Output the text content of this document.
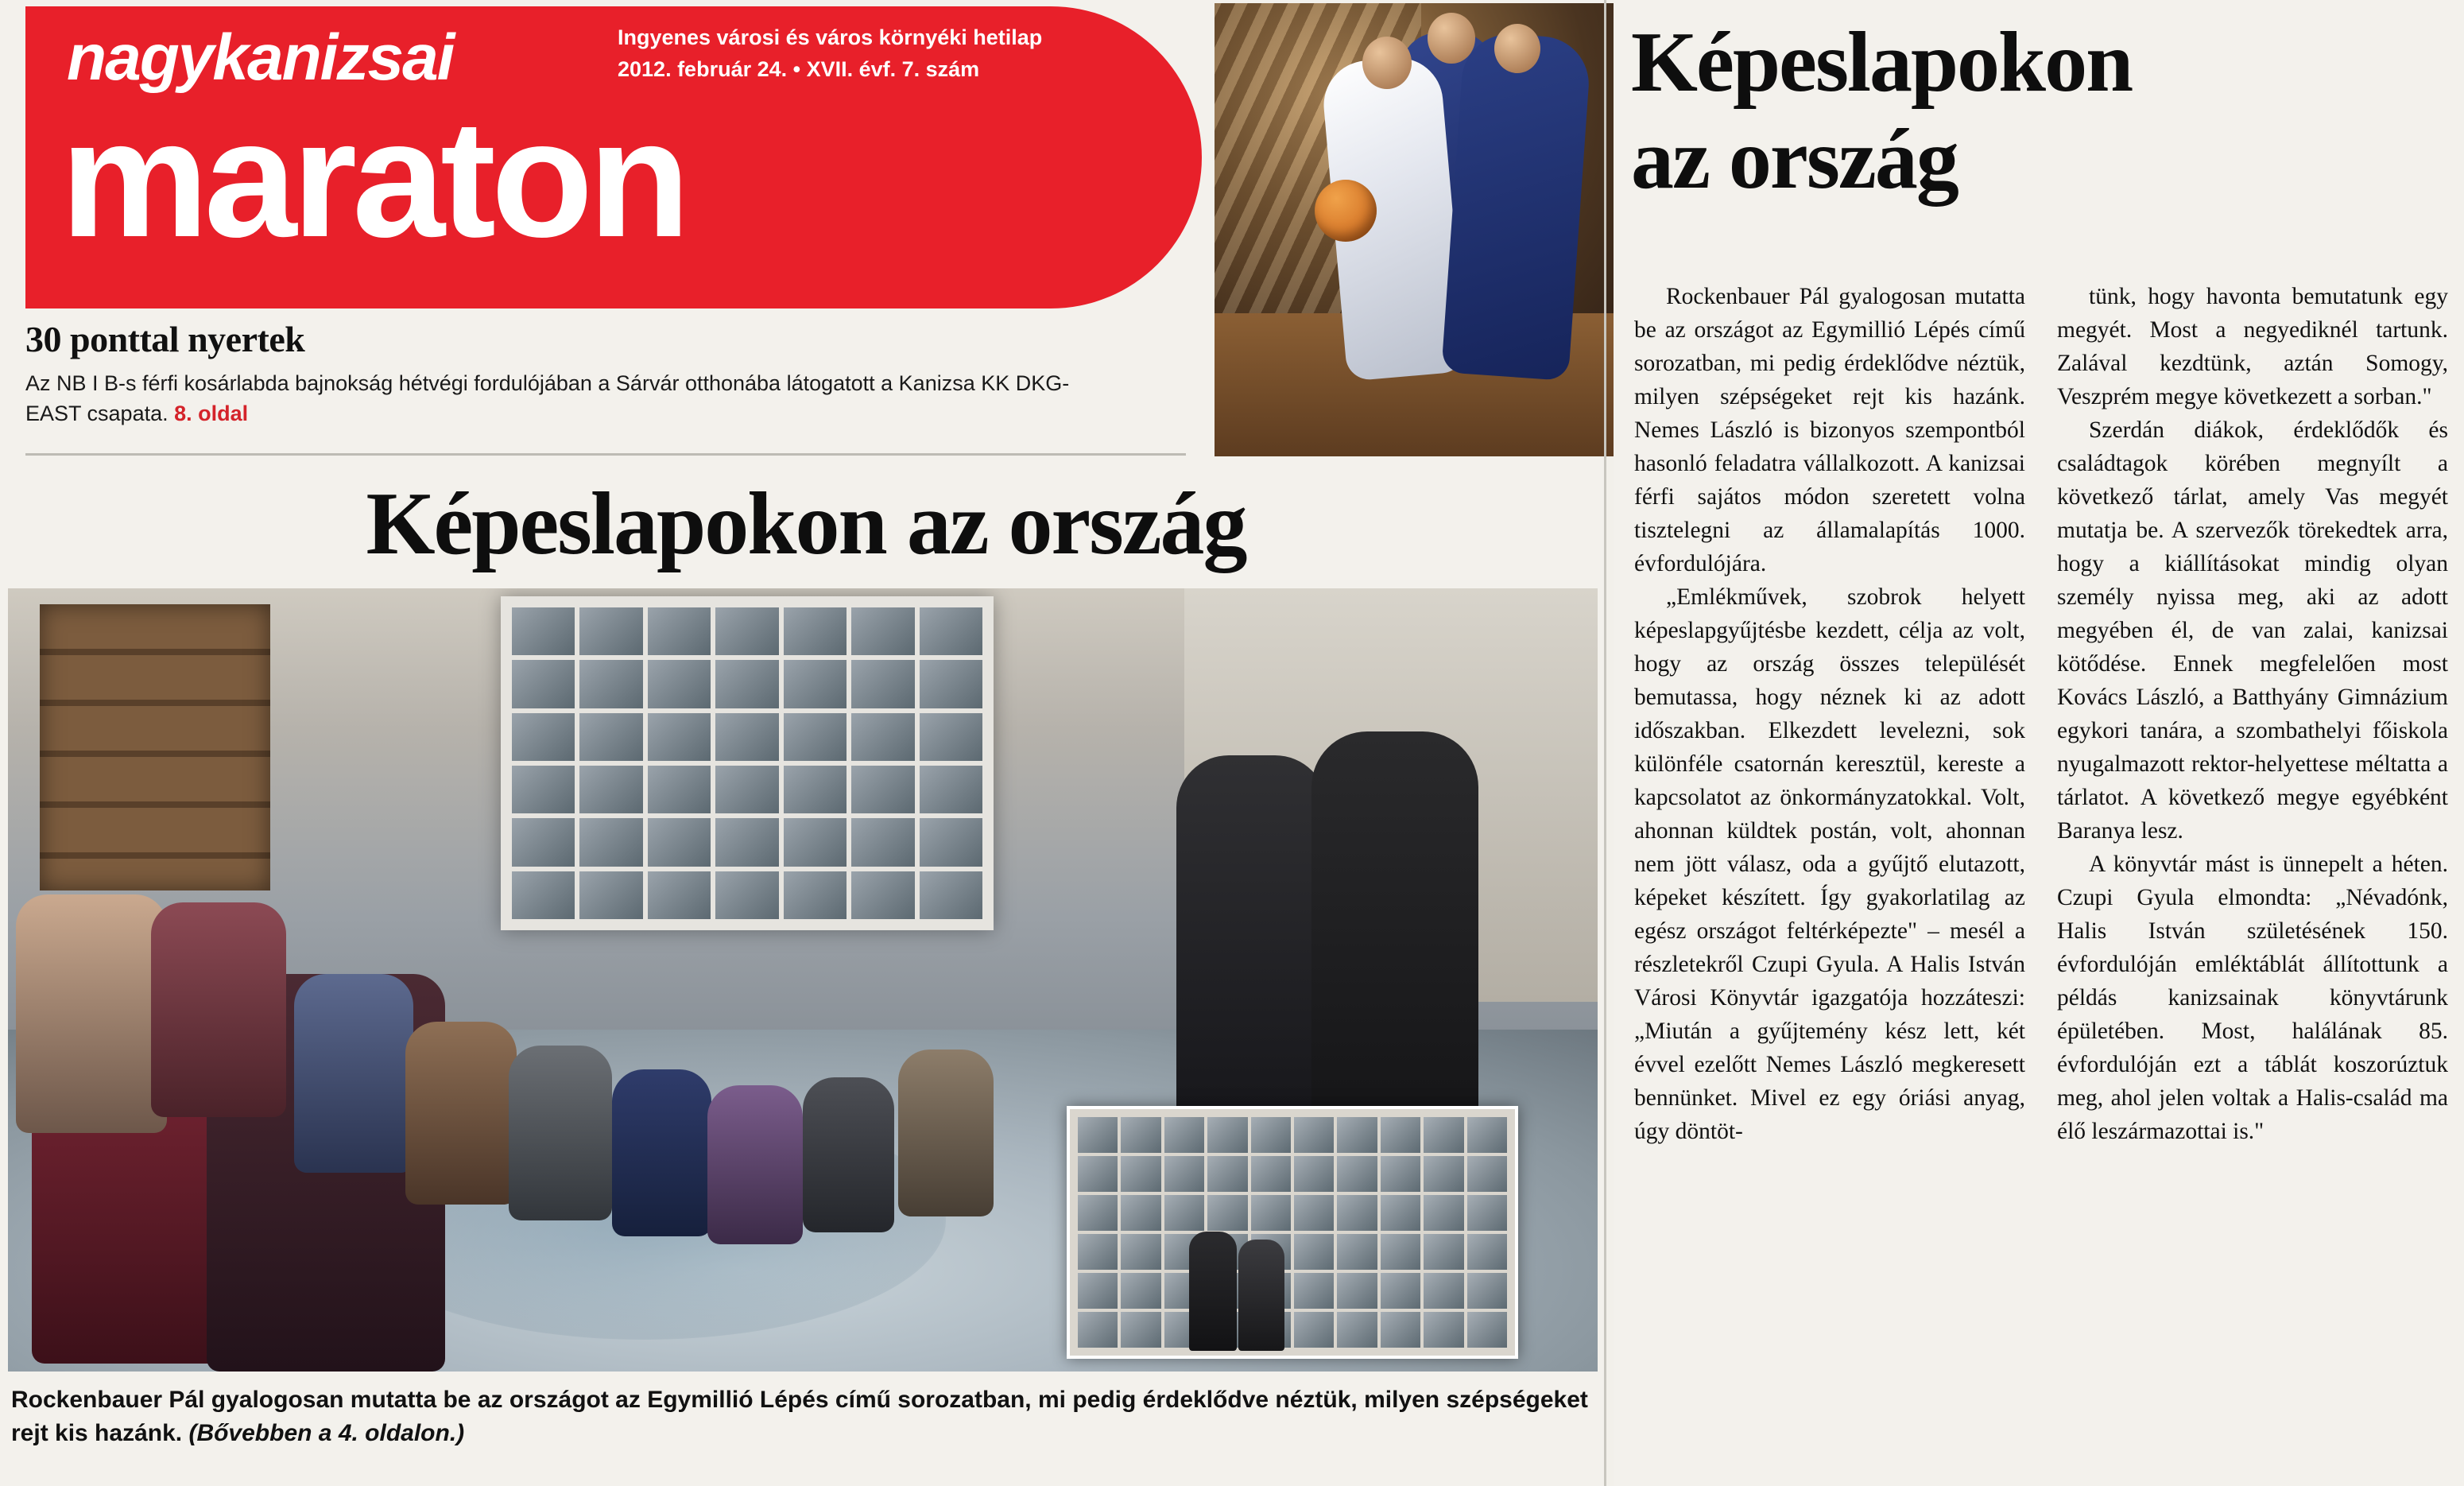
nagykanizsai
maraton
Ingyenes városi és város környéki hetilap
2012. február 24. • XVII. évf. 7. szám
30 ponttal nyertek
Az NB I B-s férfi kosárlabda bajnokság hétvégi fordulójában a Sárvár otthonába látogatott a Kanizsa KK DKG-EAST csapata. 8. oldal
Képeslapokon az ország
Rockenbauer Pál gyalogosan mutatta be az országot az Egymillió Lépés című sorozatban, mi pedig érdeklődve néztük, milyen szépségeket rejt kis hazánk. (Bővebben a 4. oldalon.)
Képeslapokon
az ország

Rockenbauer Pál gyalogosan mutatta be az országot az Egymillió Lépés című sorozatban, mi pedig érdeklődve néztük, milyen szépségeket rejt kis hazánk. Nemes László is bizonyos szempontból hasonló feladatra vállalkozott. A kanizsai férfi sajátos módon szeretett volna tisztelegni az államalapítás 1000. évfordulójára.

„Emlékművek, szobrok helyett képeslapgyűjtésbe kezdett, célja az volt, hogy az ország összes települését bemutassa, hogy néznek ki az adott időszakban. Elkezdett levelezni, sok különféle csatornán keresztül, kereste a kapcsolatot az önkormányzatokkal. Volt, ahonnan küldtek postán, volt, ahonnan nem jött válasz, oda a gyűjtő elutazott, képeket készített. Így gyakorlatilag az egész országot feltérképezte" – mesél a részletekről Czupi Gyula. A Halis István Városi Könyvtár igazgatója hozzáteszi: „Miután a gyűjtemény kész lett, két évvel ezelőtt Nemes László megkeresett bennünket. Mivel ez egy óriási anyag, úgy döntöt-

tünk, hogy havonta bemutatunk egy megyét. Most a negyediknél tartunk. Zalával kezdtünk, aztán Somogy, Veszprém megye következett a sorban."

Szerdán diákok, érdeklődők és családtagok körében megnyílt a következő tárlat, amely Vas megyét mutatja be. A szervezők törekedtek arra, hogy a kiállításokat mindig olyan személy nyissa meg, aki az adott megyében él, de van zalai, kanizsai kötődése. Ennek megfelelően most Kovács László, a Batthyány Gimnázium egykori tanára, a szombathelyi főiskola nyugalmazott rektor-helyettese méltatta a tárlatot. A következő megye egyébként Baranya lesz.

A könyvtár mást is ünnepelt a héten. Czupi Gyula elmondta: „Névadónk, Halis István születésének 150. évfordulóján emléktáblát állítottunk a példás kanizsainak könyvtárunk épületében. Most, halálának 85. évfordulóján ezt a táblát koszorúztuk meg, ahol jelen voltak a Halis-család ma élő leszármazottai is."
